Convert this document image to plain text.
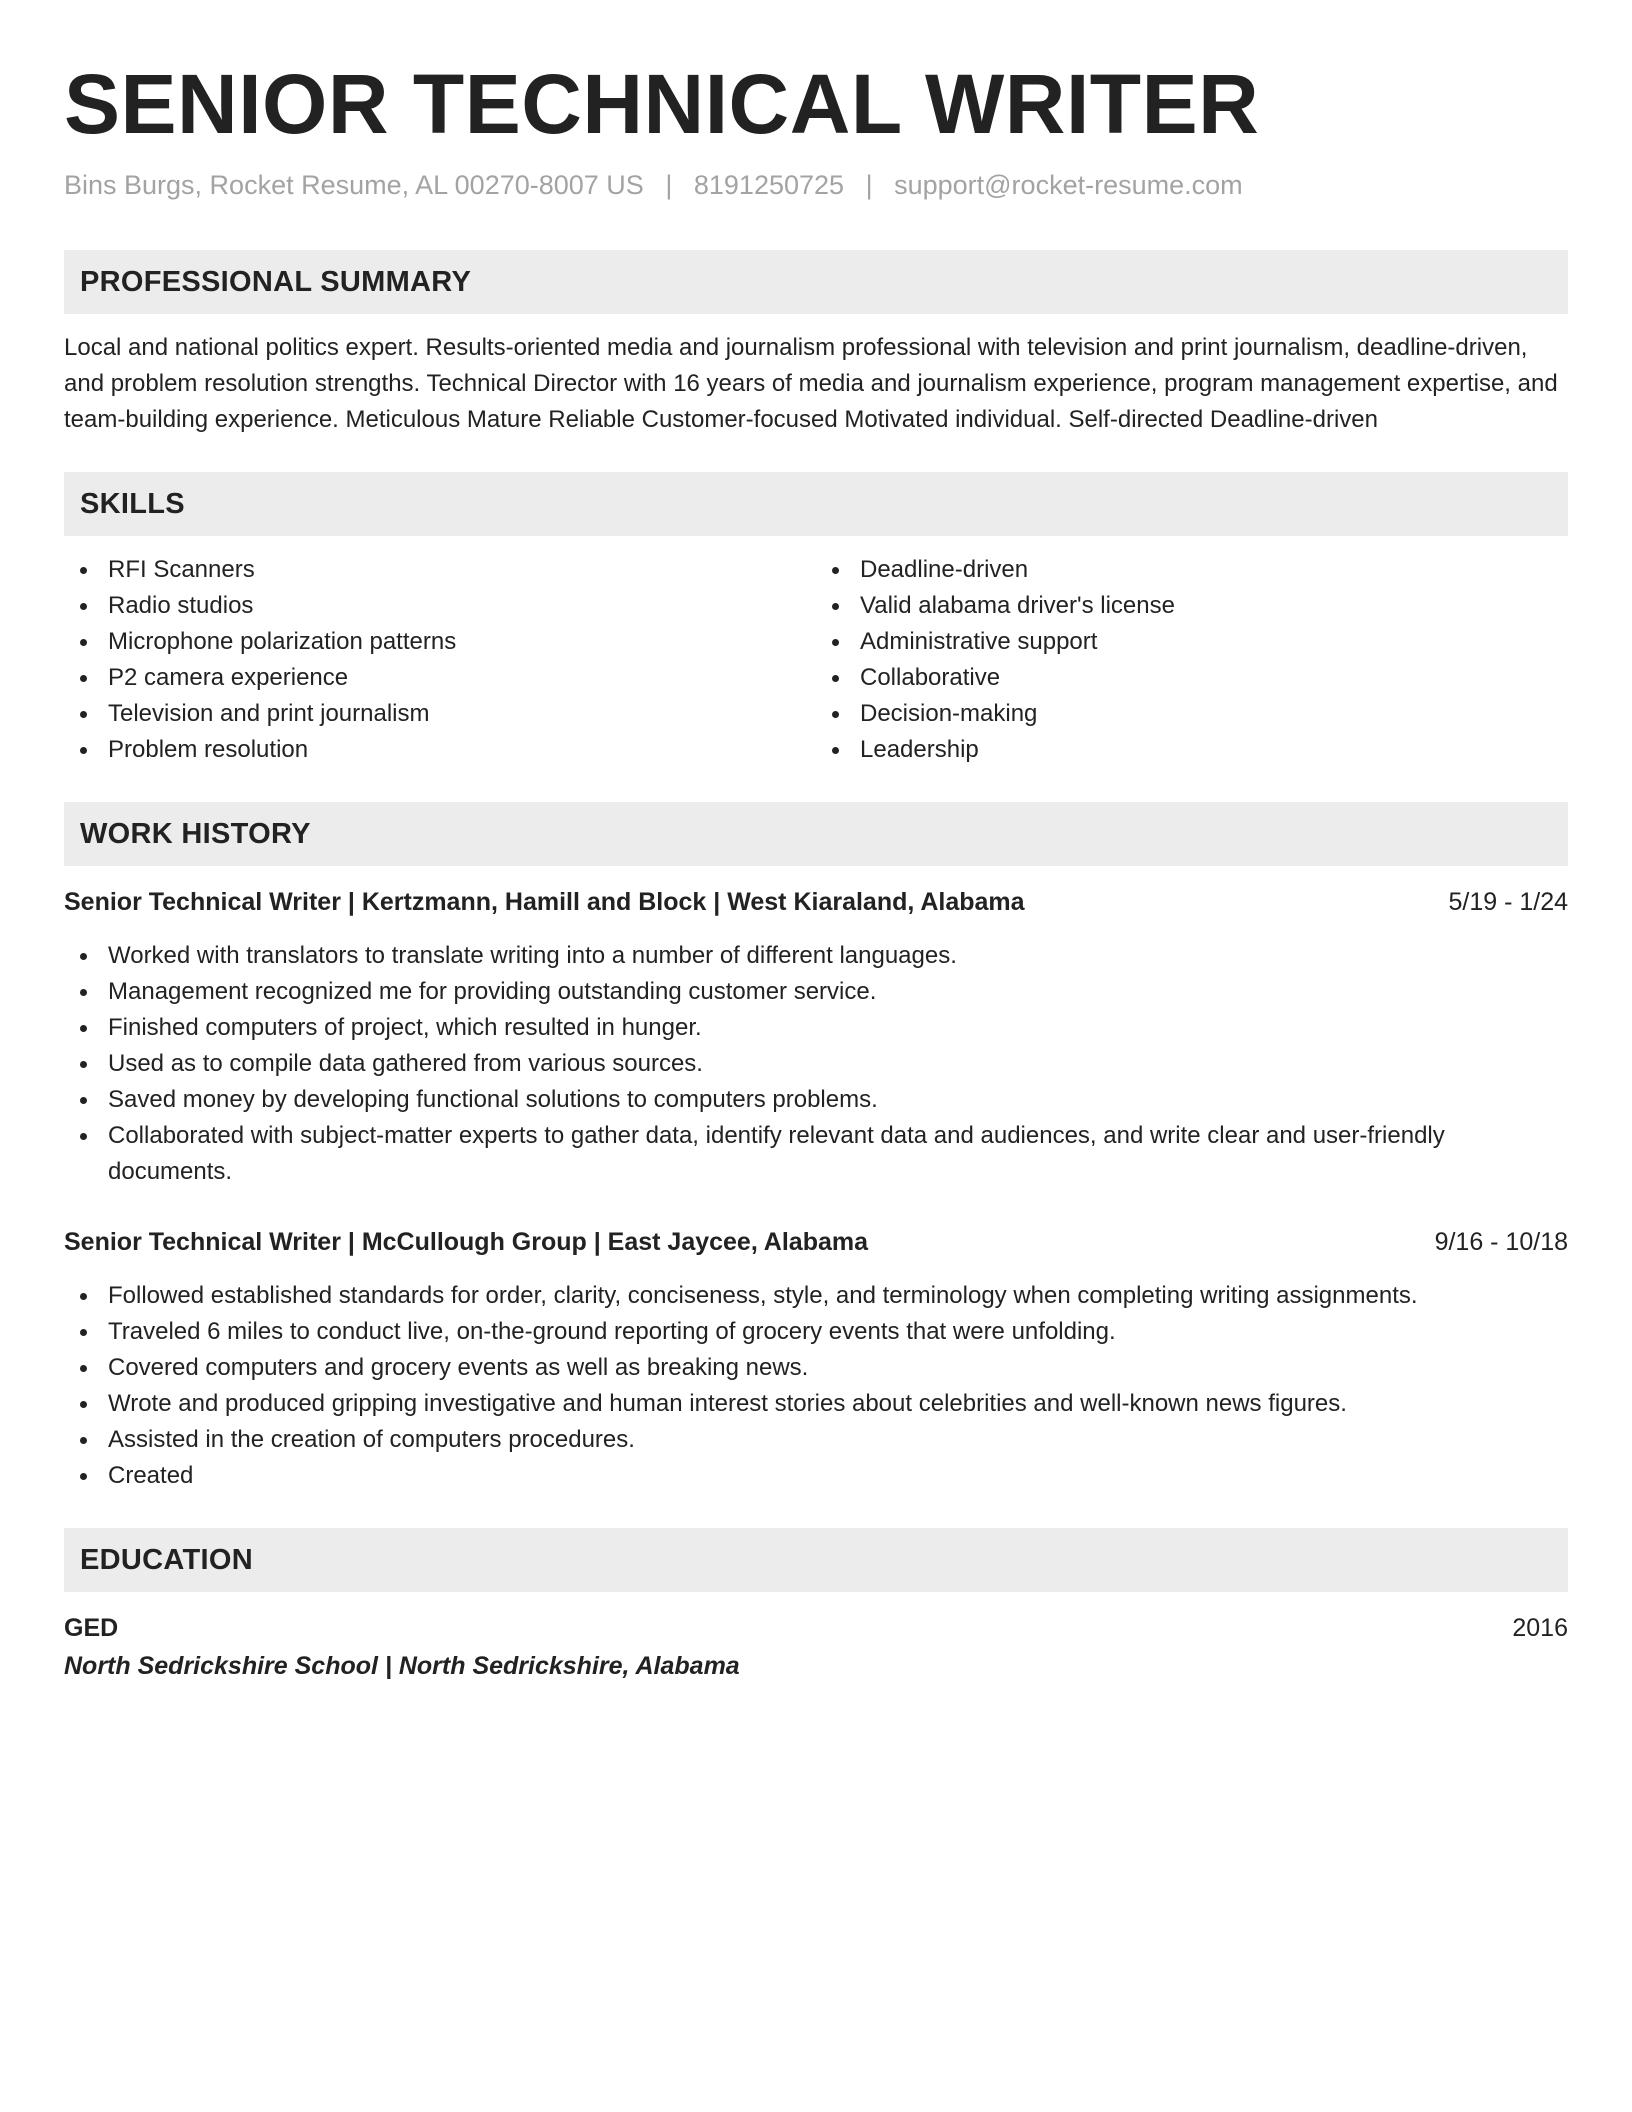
SENIOR TECHNICAL WRITER
Bins Burgs, Rocket Resume, AL 00270-8007 US | 8191250725 | support@rocket-resume.com
PROFESSIONAL SUMMARY

Local and national politics expert. Results-oriented media and journalism professional with television and print journalism, deadline-driven, and problem resolution strengths. Technical Director with 16 years of media and journalism experience, program management expertise, and team-building experience. Meticulous Mature Reliable Customer-focused Motivated individual. Self-directed Deadline-driven

SKILLS
RFI Scanners
Radio studios
Microphone polarization patterns
P2 camera experience
Television and print journalism
Problem resolution
Deadline-driven
Valid alabama driver's license
Administrative support
Collaborative
Decision-making
Leadership
WORK HISTORY
Senior Technical Writer | Kertzmann, Hamill and Block | West Kiaraland, Alabama	5/19 - 1/24
Worked with translators to translate writing into a number of different languages.
Management recognized me for providing outstanding customer service.
Finished computers of project, which resulted in hunger.
Used as to compile data gathered from various sources.
Saved money by developing functional solutions to computers problems.
Collaborated with subject-matter experts to gather data, identify relevant data and audiences, and write clear and user-friendly documents.
Senior Technical Writer | McCullough Group | East Jaycee, Alabama	9/16 - 10/18
Followed established standards for order, clarity, conciseness, style, and terminology when completing writing assignments.
Traveled 6 miles to conduct live, on-the-ground reporting of grocery events that were unfolding.
Covered computers and grocery events as well as breaking news.
Wrote and produced gripping investigative and human interest stories about celebrities and well-known news figures.
Assisted in the creation of computers procedures.
Created
EDUCATION
GED	2016
North Sedrickshire School | North Sedrickshire, Alabama
